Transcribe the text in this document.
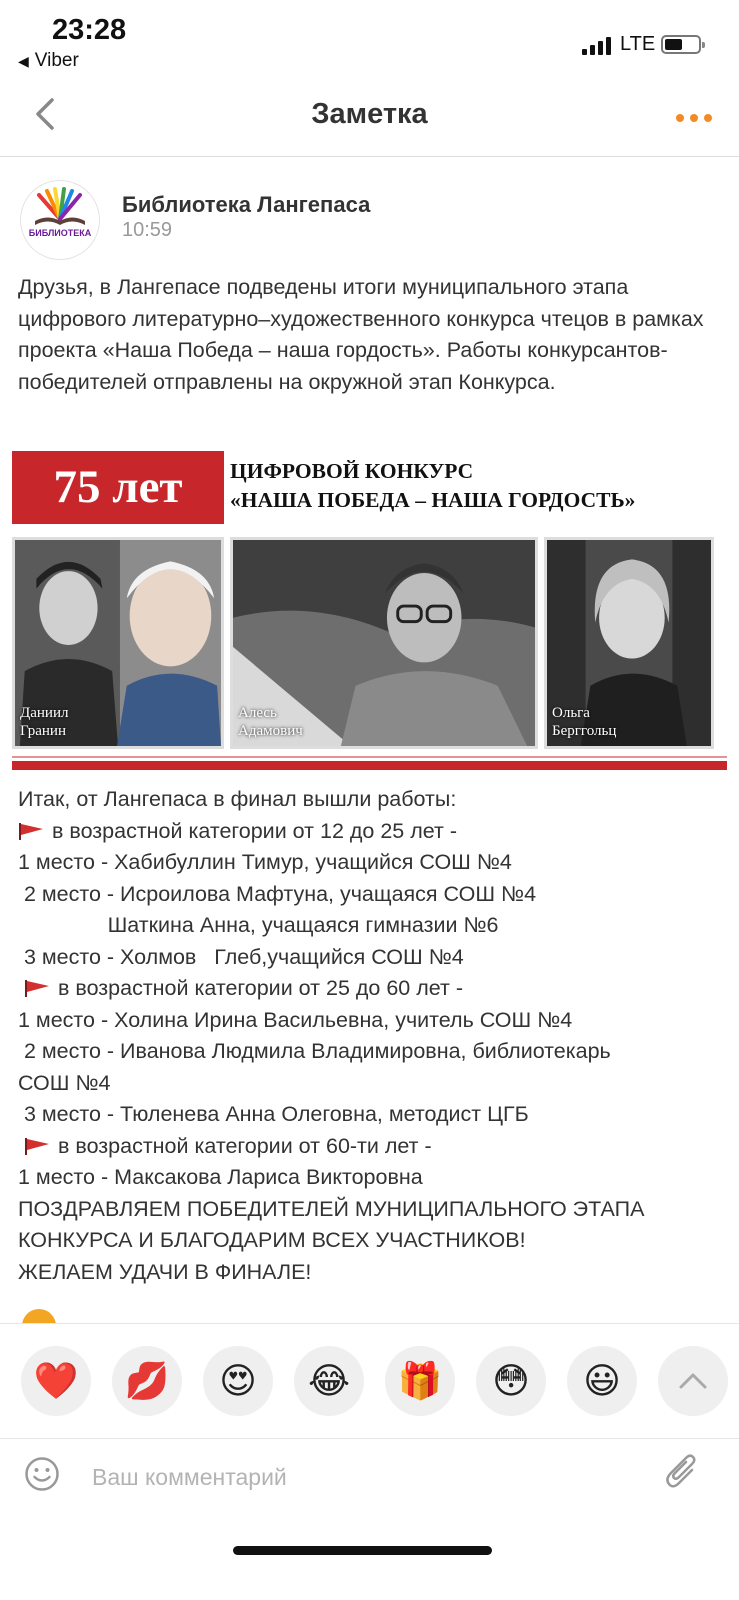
23:28
◀ Viber
LTE
Заметка
БИБЛИОТЕКА
Библиотека Лангепаса
10:59
Друзья, в Лангепасе подведены итоги муниципального этапа цифрового литературно–художественного конкурса чтецов в рамках проекта «Наша Победа – наша гордость». Работы конкурсантов- победителей отправлены на окружной этап Конкурса.
75 лет	ЦИФРОВОЙ КОНКУРС
«НАША ПОБЕДА – НАША ГОРДОСТЬ»
Даниил
Гранин
Алесь
Адамович
Ольга
Берггольц
Итак, от Лангепаса в финал вышли работы:
в возрастной категории от 12 до 25 лет -
1 место - Хабибуллин Тимур, учащийся СОШ №4
2 место - Исроилова Мафтуна, учащаяся СОШ №4
Шаткина Анна, учащаяся гимназии №6
3 место - Холмов   Глеб,учащийся СОШ №4
в возрастной категории от 25 до 60 лет -
1 место - Холина Ирина Васильевна, учитель СОШ №4
2 место - Иванова Людмила Владимировна, библиотекарь
СОШ №4
3 место - Тюленева Анна Олеговна, методист ЦГБ
в возрастной категории от 60-ти лет -
1 место - Максакова Лариса Викторовна
ПОЗДРАВЛЯЕМ ПОБЕДИТЕЛЕЙ МУНИЦИПАЛЬНОГО ЭТАПА
КОНКУРСА И БЛАГОДАРИМ ВСЕХ УЧАСТНИКОВ!
ЖЕЛАЕМ УДАЧИ В ФИНАЛЕ!
❤️	💋	😍	😂	🎁	😳	😃
Ваш комментарий
